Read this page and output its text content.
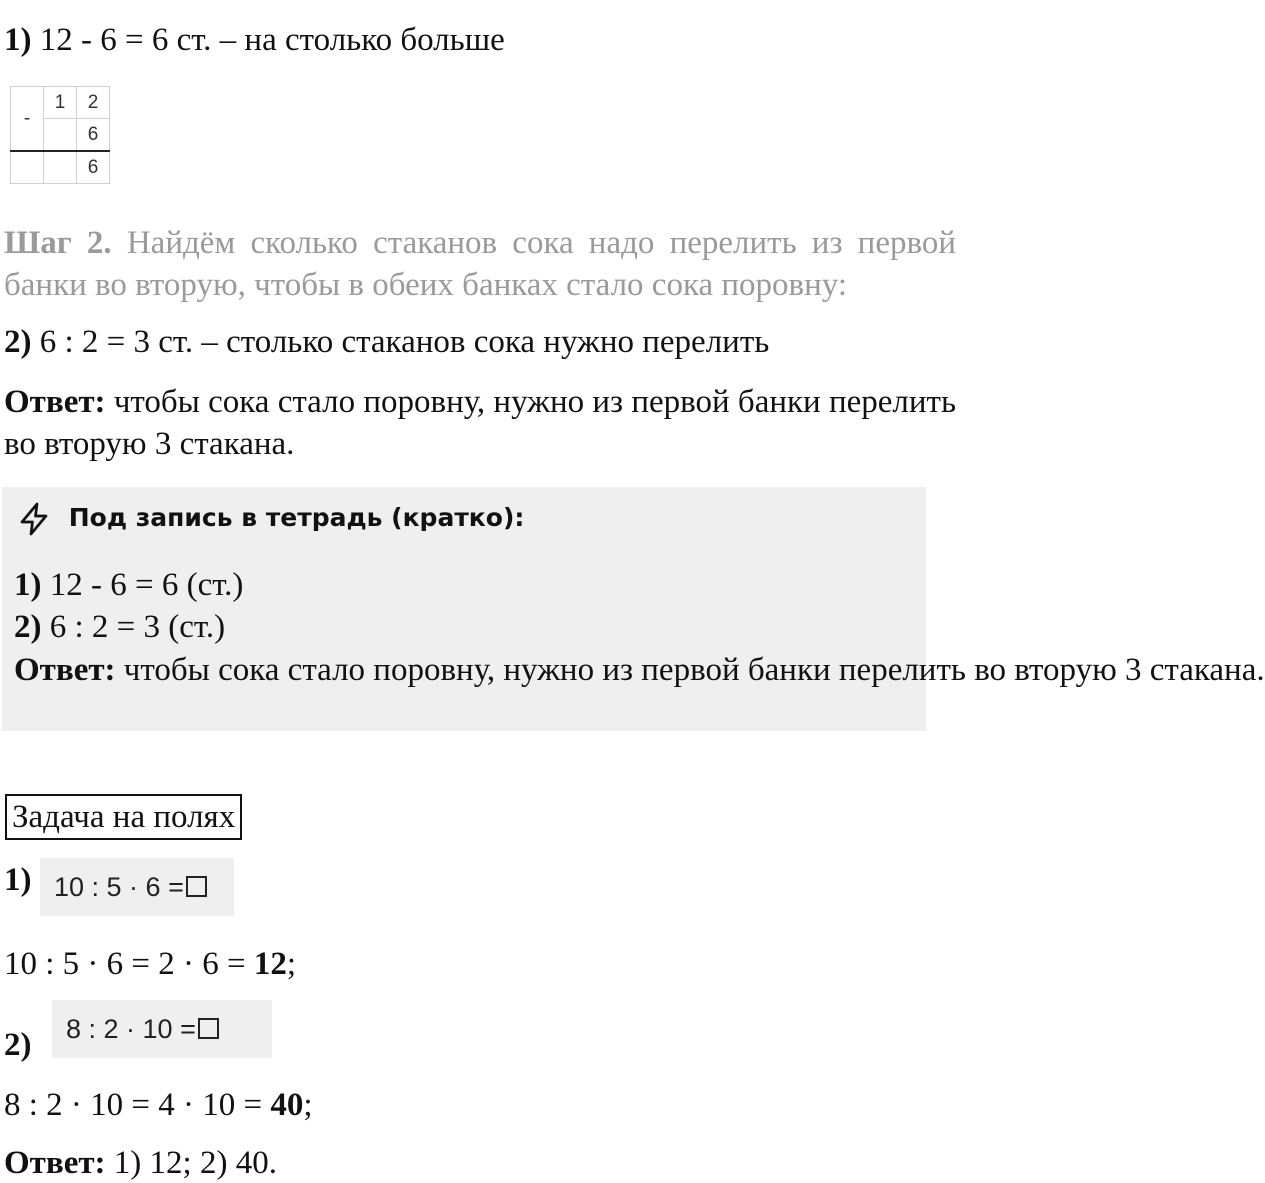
1) 12 - 6 = 6 ст. – на столько больше
-	1	2
		6
		6
Шаг 2. Найдём сколько стаканов сока надо перелить из первой банки во вторую, чтобы в обеих банках стало сока поровну:
2) 6 : 2 = 3 ст. – столько стаканов сока нужно перелить
Ответ: чтобы сока стало поровну, нужно из первой банки перелить во вторую 3 стакана.
Под запись в тетрадь (кратко):
1) 12 - 6 = 6 (ст.)
2) 6 : 2 = 3 (ст.)
Ответ: чтобы сока стало поровну, нужно из первой банки перелить во вторую 3 стакана.
Задача на полях
1) 10 : 5 · 6 =
10 : 5 · 6 = 2 · 6 = 12;
2)	8 : 2 · 10 =
8 : 2 · 10 = 4 · 10 = 40;
Ответ: 1) 12; 2) 40.
